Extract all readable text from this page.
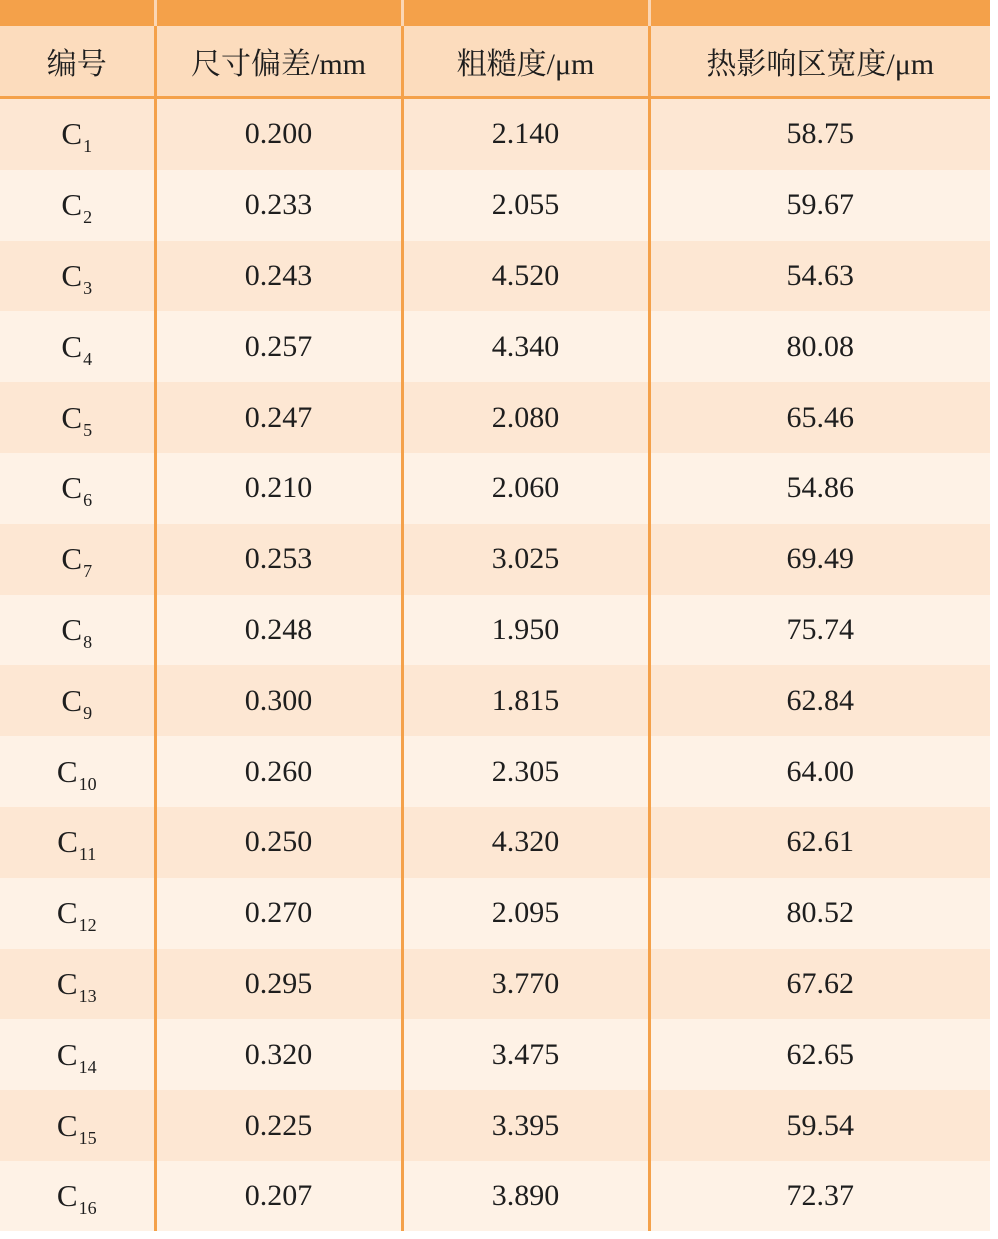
编号	尺寸偏差/mm	粗糙度/μm	热影响区宽度/μm
$C_1$	0.200	2.140	58.75
$C_2$	0.233	2.055	59.67
$C_3$	0.243	4.520	54.63
$C_4$	0.257	4.340	80.08
$C_5$	0.247	2.080	65.46
$C_6$	0.210	2.060	54.86
$C_7$	0.253	3.025	69.49
$C_8$	0.248	1.950	75.74
$C_9$	0.300	1.815	62.84
$C_{10}$	0.260	2.305	64.00
$C_{11}$	0.250	4.320	62.61
$C_{12}$	0.270	2.095	80.52
$C_{13}$	0.295	3.770	67.62
$C_{14}$	0.320	3.475	62.65
$C_{15}$	0.225	3.395	59.54
$C_{16}$	0.207	3.890	72.37
